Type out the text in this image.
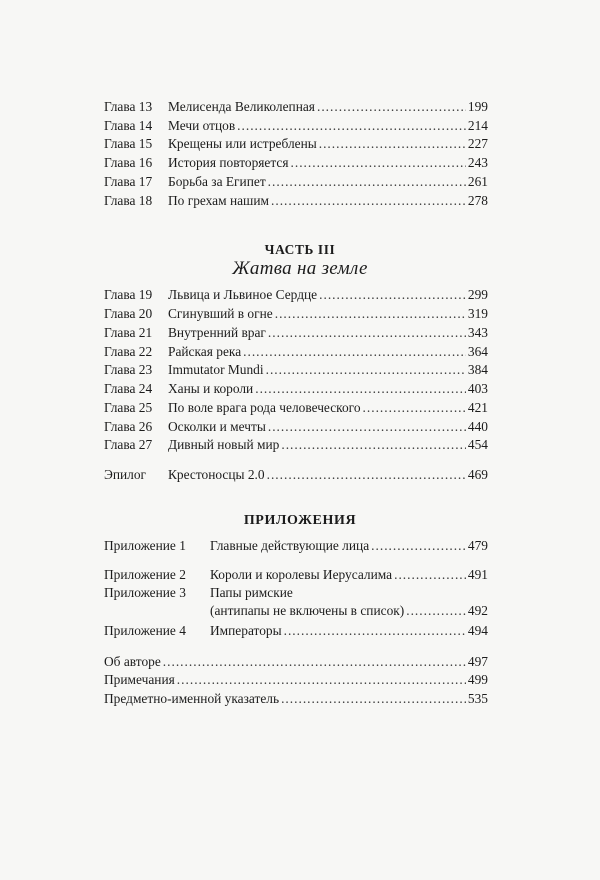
Глава 13	Мелисенда Великолепная .....	199
Глава 14	Мечи отцов .....	214
Глава 15	Крещены или истреблены .....	227
Глава 16	История повторяется .....	243
Глава 17	Борьба за Египет .....	261
Глава 18	По грехам нашим .....	278
ЧАСТЬ III
Жатва на земле
Глава 19	Львица и Львиное Сердце .....	299
Глава 20	Сгинувший в огне .....	319
Глава 21	Внутренний враг .....	343
Глава 22	Райская река .....	364
Глава 23	Immutator Mundi .....	384
Глава 24	Ханы и короли .....	403
Глава 25	По воле врага рода человеческого .....	421
Глава 26	Осколки и мечты .....	440
Глава 27	Дивный новый мир .....	454
Эпилог	Крестоносцы 2.0 .....	469
ПРИЛОЖЕНИЯ
Приложение 1	Главные действующие лица .....	479
Приложение 2	Короли и королевы Иерусалима .....	491
Приложение 3	Папы римские
(антипапы не включены в список) .....	492
Приложение 4	Императоры .....	494
Об авторе .....	497
Примечания .....	499
Предметно-именной указатель .....	535
